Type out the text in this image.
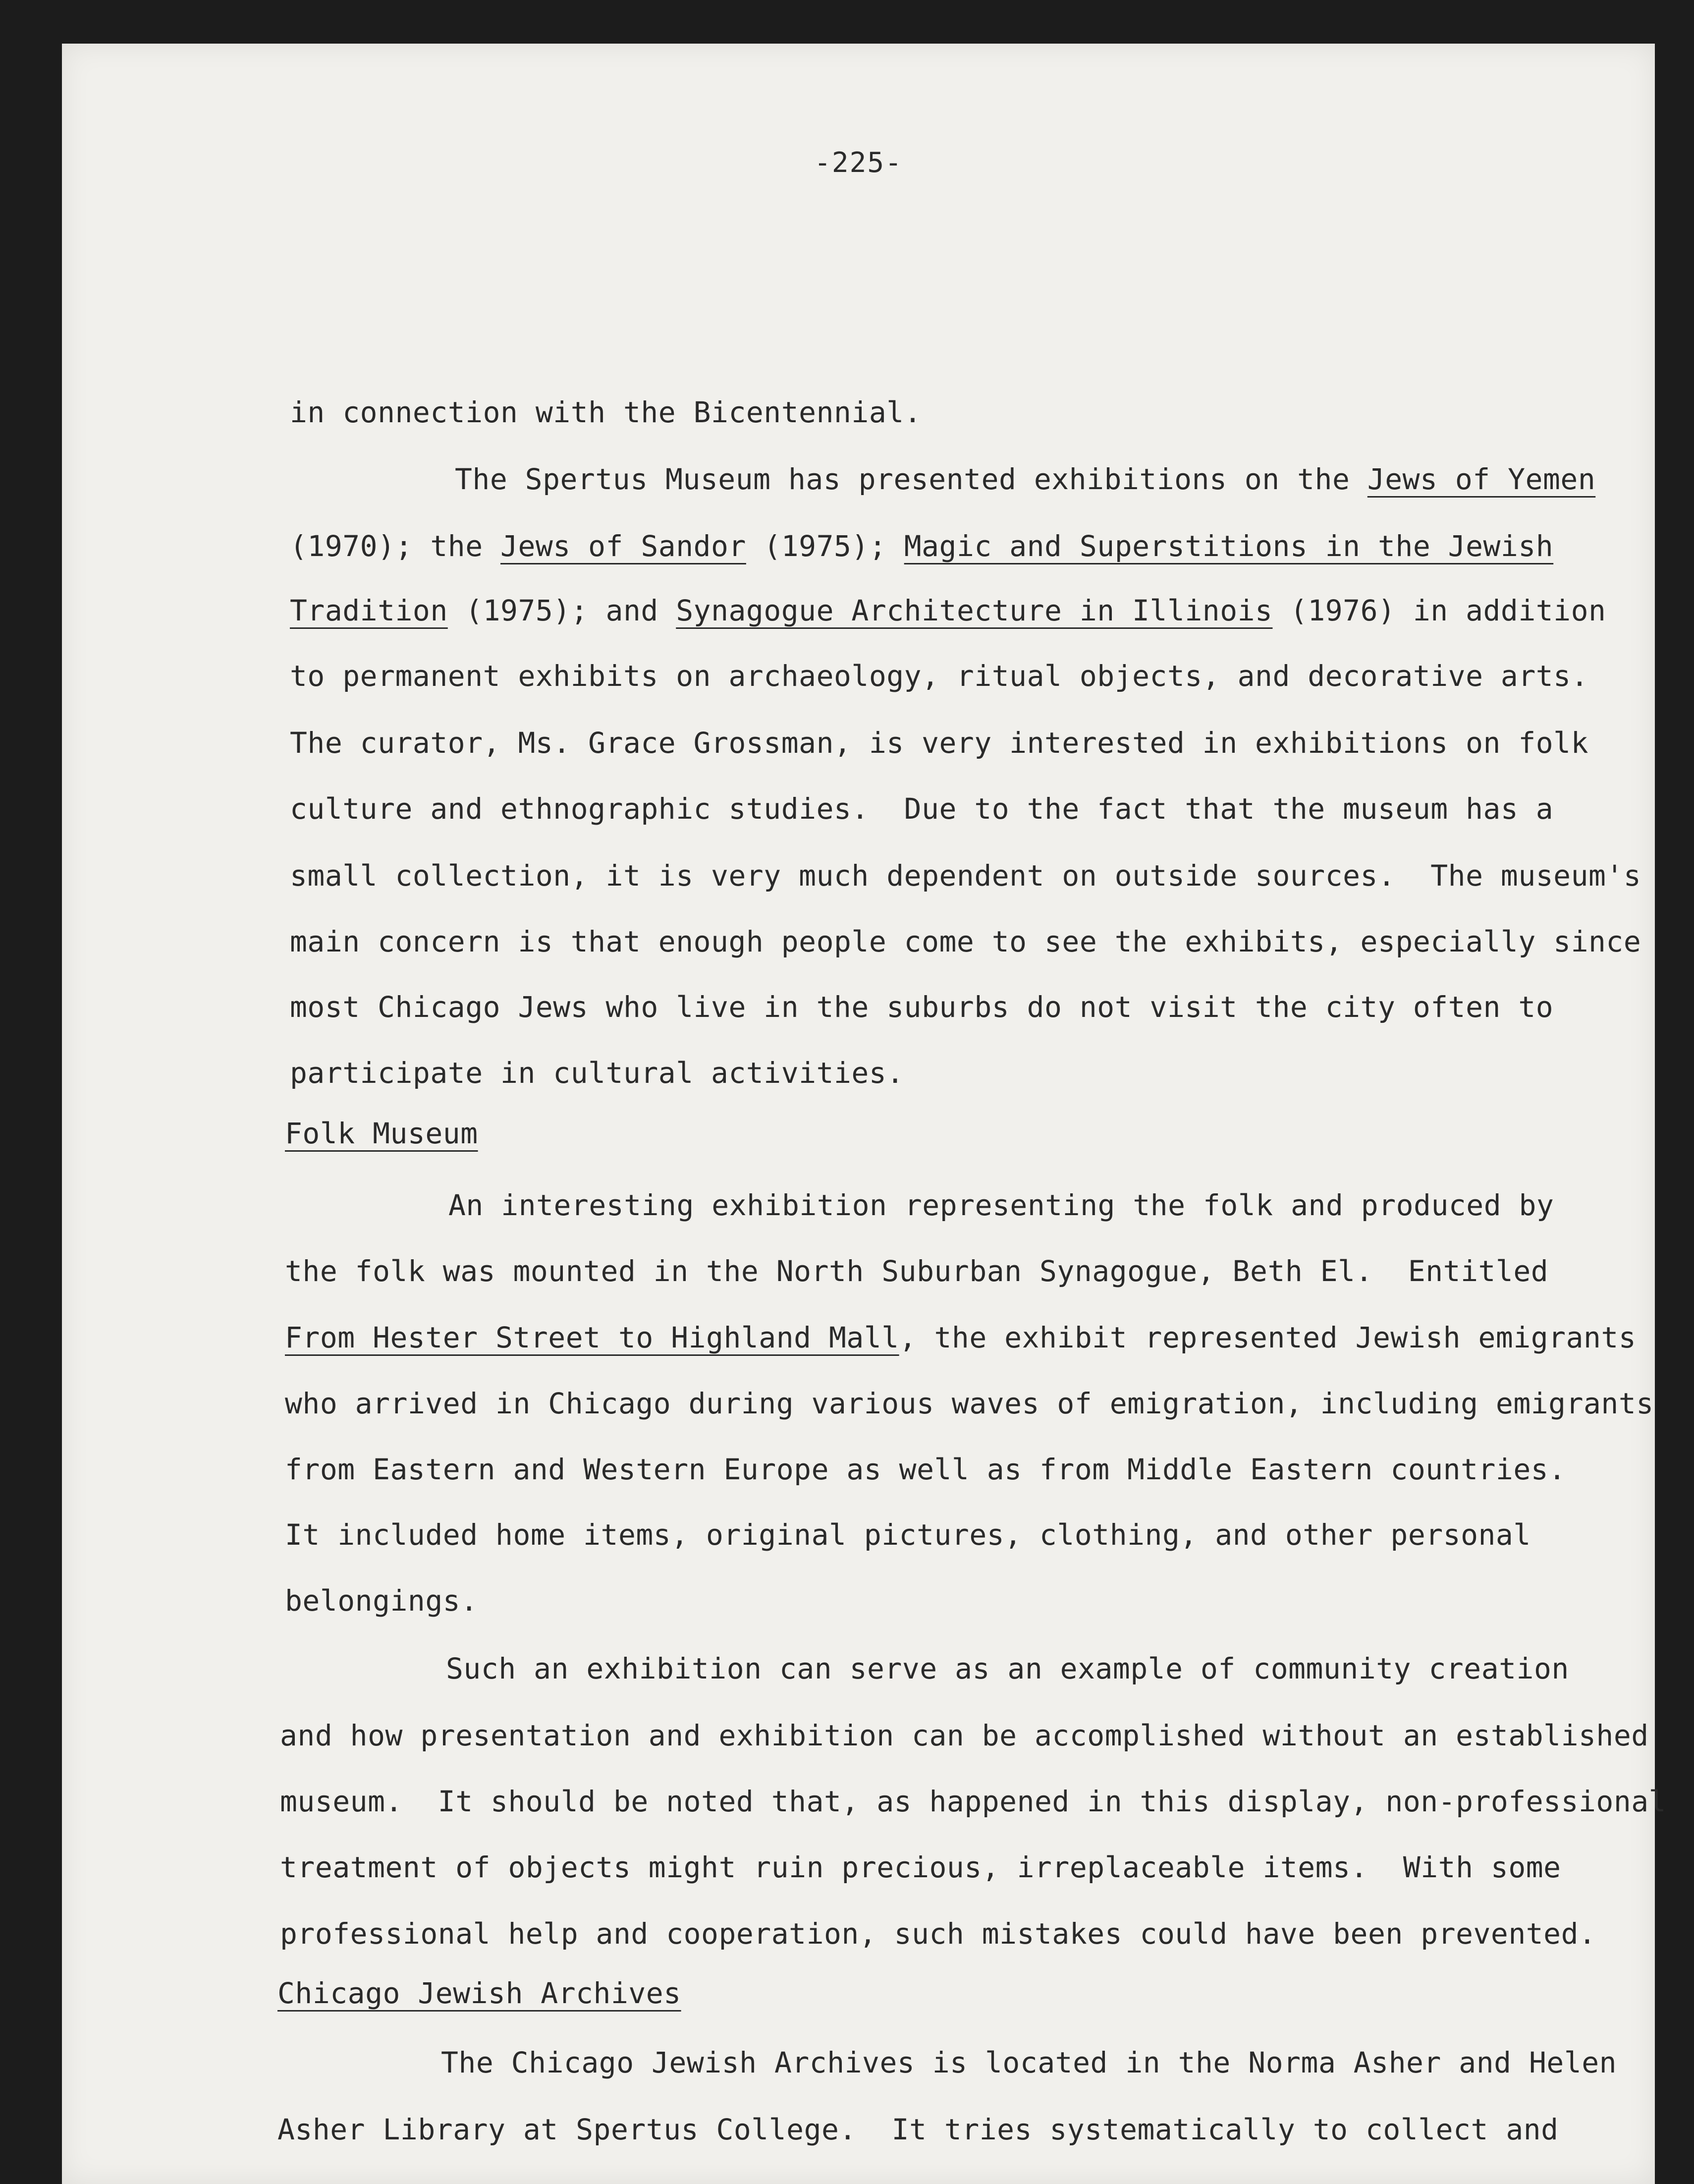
-225-
in connection with the Bicentennial.
The Spertus Museum has presented exhibitions on the Jews of Yemen
(1970); the Jews of Sandor (1975); Magic and Superstitions in the Jewish
Tradition (1975); and Synagogue Architecture in Illinois (1976) in addition
to permanent exhibits on archaeology, ritual objects, and decorative arts.
The curator, Ms. Grace Grossman, is very interested in exhibitions on folk
culture and ethnographic studies.  Due to the fact that the museum has a
small collection, it is very much dependent on outside sources.  The museum's
main concern is that enough people come to see the exhibits, especially since
most Chicago Jews who live in the suburbs do not visit the city often to
participate in cultural activities.
Folk Museum
An interesting exhibition representing the folk and produced by
the folk was mounted in the North Suburban Synagogue, Beth El.  Entitled
From Hester Street to Highland Mall, the exhibit represented Jewish emigrants
who arrived in Chicago during various waves of emigration, including emigrants
from Eastern and Western Europe as well as from Middle Eastern countries.
It included home items, original pictures, clothing, and other personal
belongings.
Such an exhibition can serve as an example of community creation
and how presentation and exhibition can be accomplished without an established
museum.  It should be noted that, as happened in this display, non-professional
treatment of objects might ruin precious, irreplaceable items.  With some
professional help and cooperation, such mistakes could have been prevented.
Chicago Jewish Archives
The Chicago Jewish Archives is located in the Norma Asher and Helen
Asher Library at Spertus College.  It tries systematically to collect and
